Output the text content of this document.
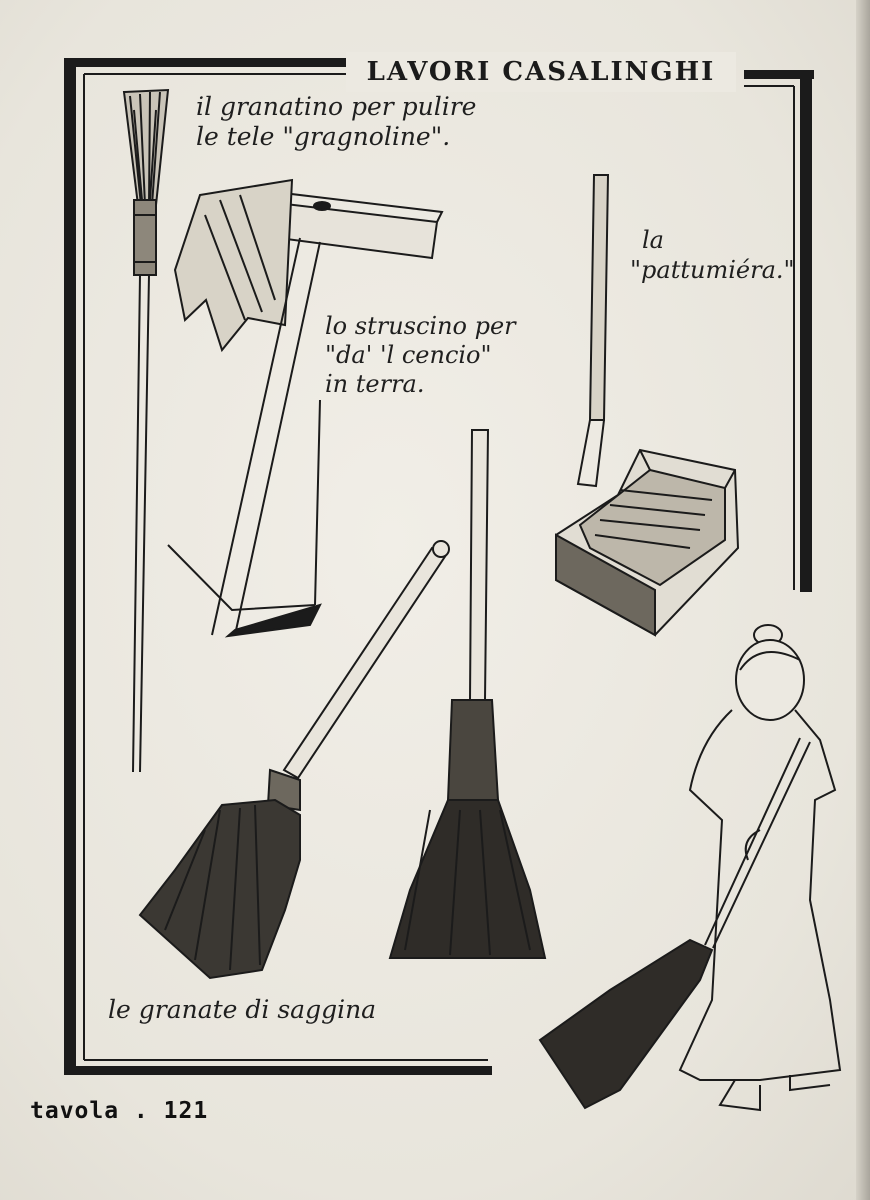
LAVORI CASALINGHI
il granatino per pulire
le tele "gragnoline".
lo struscino per
"da' 'l cencio"
in terra.
la
"pattumiéra."
le granate di saggina
tavola . 121
